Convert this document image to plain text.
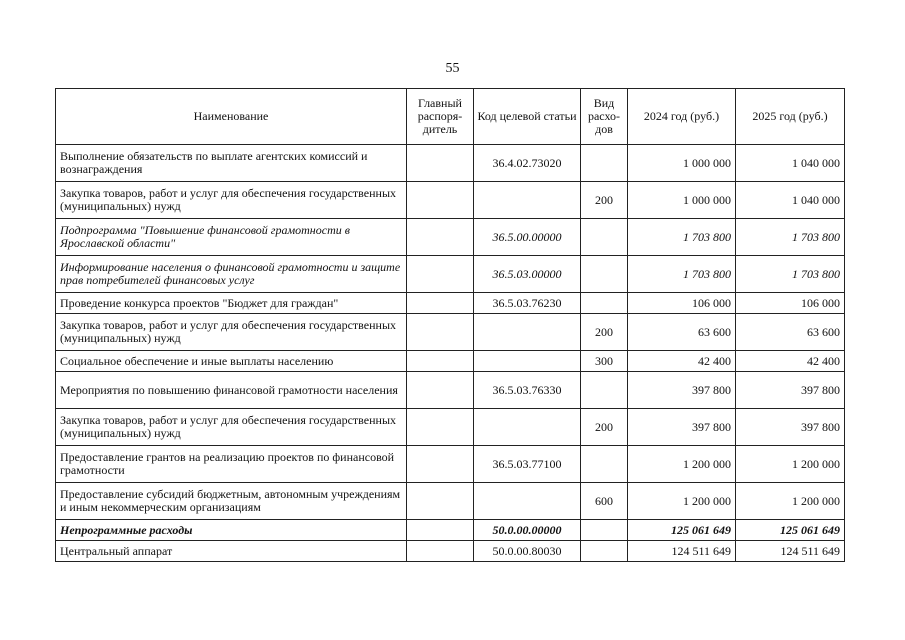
55
Наименование	Главный распоря-дитель	Код целевой статьи	Вид расхо-дов	2024 год (руб.)	2025 год (руб.)
Выполнение обязательств по выплате агентских комиссий и вознаграждения		36.4.02.73020		1 000 000	1 040 000
Закупка товаров, работ и услуг для обеспечения государственных (муниципальных) нужд			200	1 000 000	1 040 000
Подпрограмма "Повышение финансовой грамотности в Ярославской области"		36.5.00.00000		1 703 800	1 703 800
Информирование населения о финансовой грамотности и защите прав потребителей финансовых услуг		36.5.03.00000		1 703 800	1 703 800
Проведение конкурса проектов "Бюджет для граждан"		36.5.03.76230		106 000	106 000
Закупка товаров, работ и услуг для обеспечения государственных (муниципальных) нужд			200	63 600	63 600
Социальное обеспечение и иные выплаты населению			300	42 400	42 400
Мероприятия по повышению финансовой грамотности населения		36.5.03.76330		397 800	397 800
Закупка товаров, работ и услуг для обеспечения государственных (муниципальных) нужд			200	397 800	397 800
Предоставление грантов на реализацию проектов по финансовой грамотности		36.5.03.77100		1 200 000	1 200 000
Предоставление субсидий бюджетным, автономным учреждениям и иным некоммерческим организациям			600	1 200 000	1 200 000
Непрограммные расходы		50.0.00.00000		125 061 649	125 061 649
Центральный аппарат		50.0.00.80030		124 511 649	124 511 649
